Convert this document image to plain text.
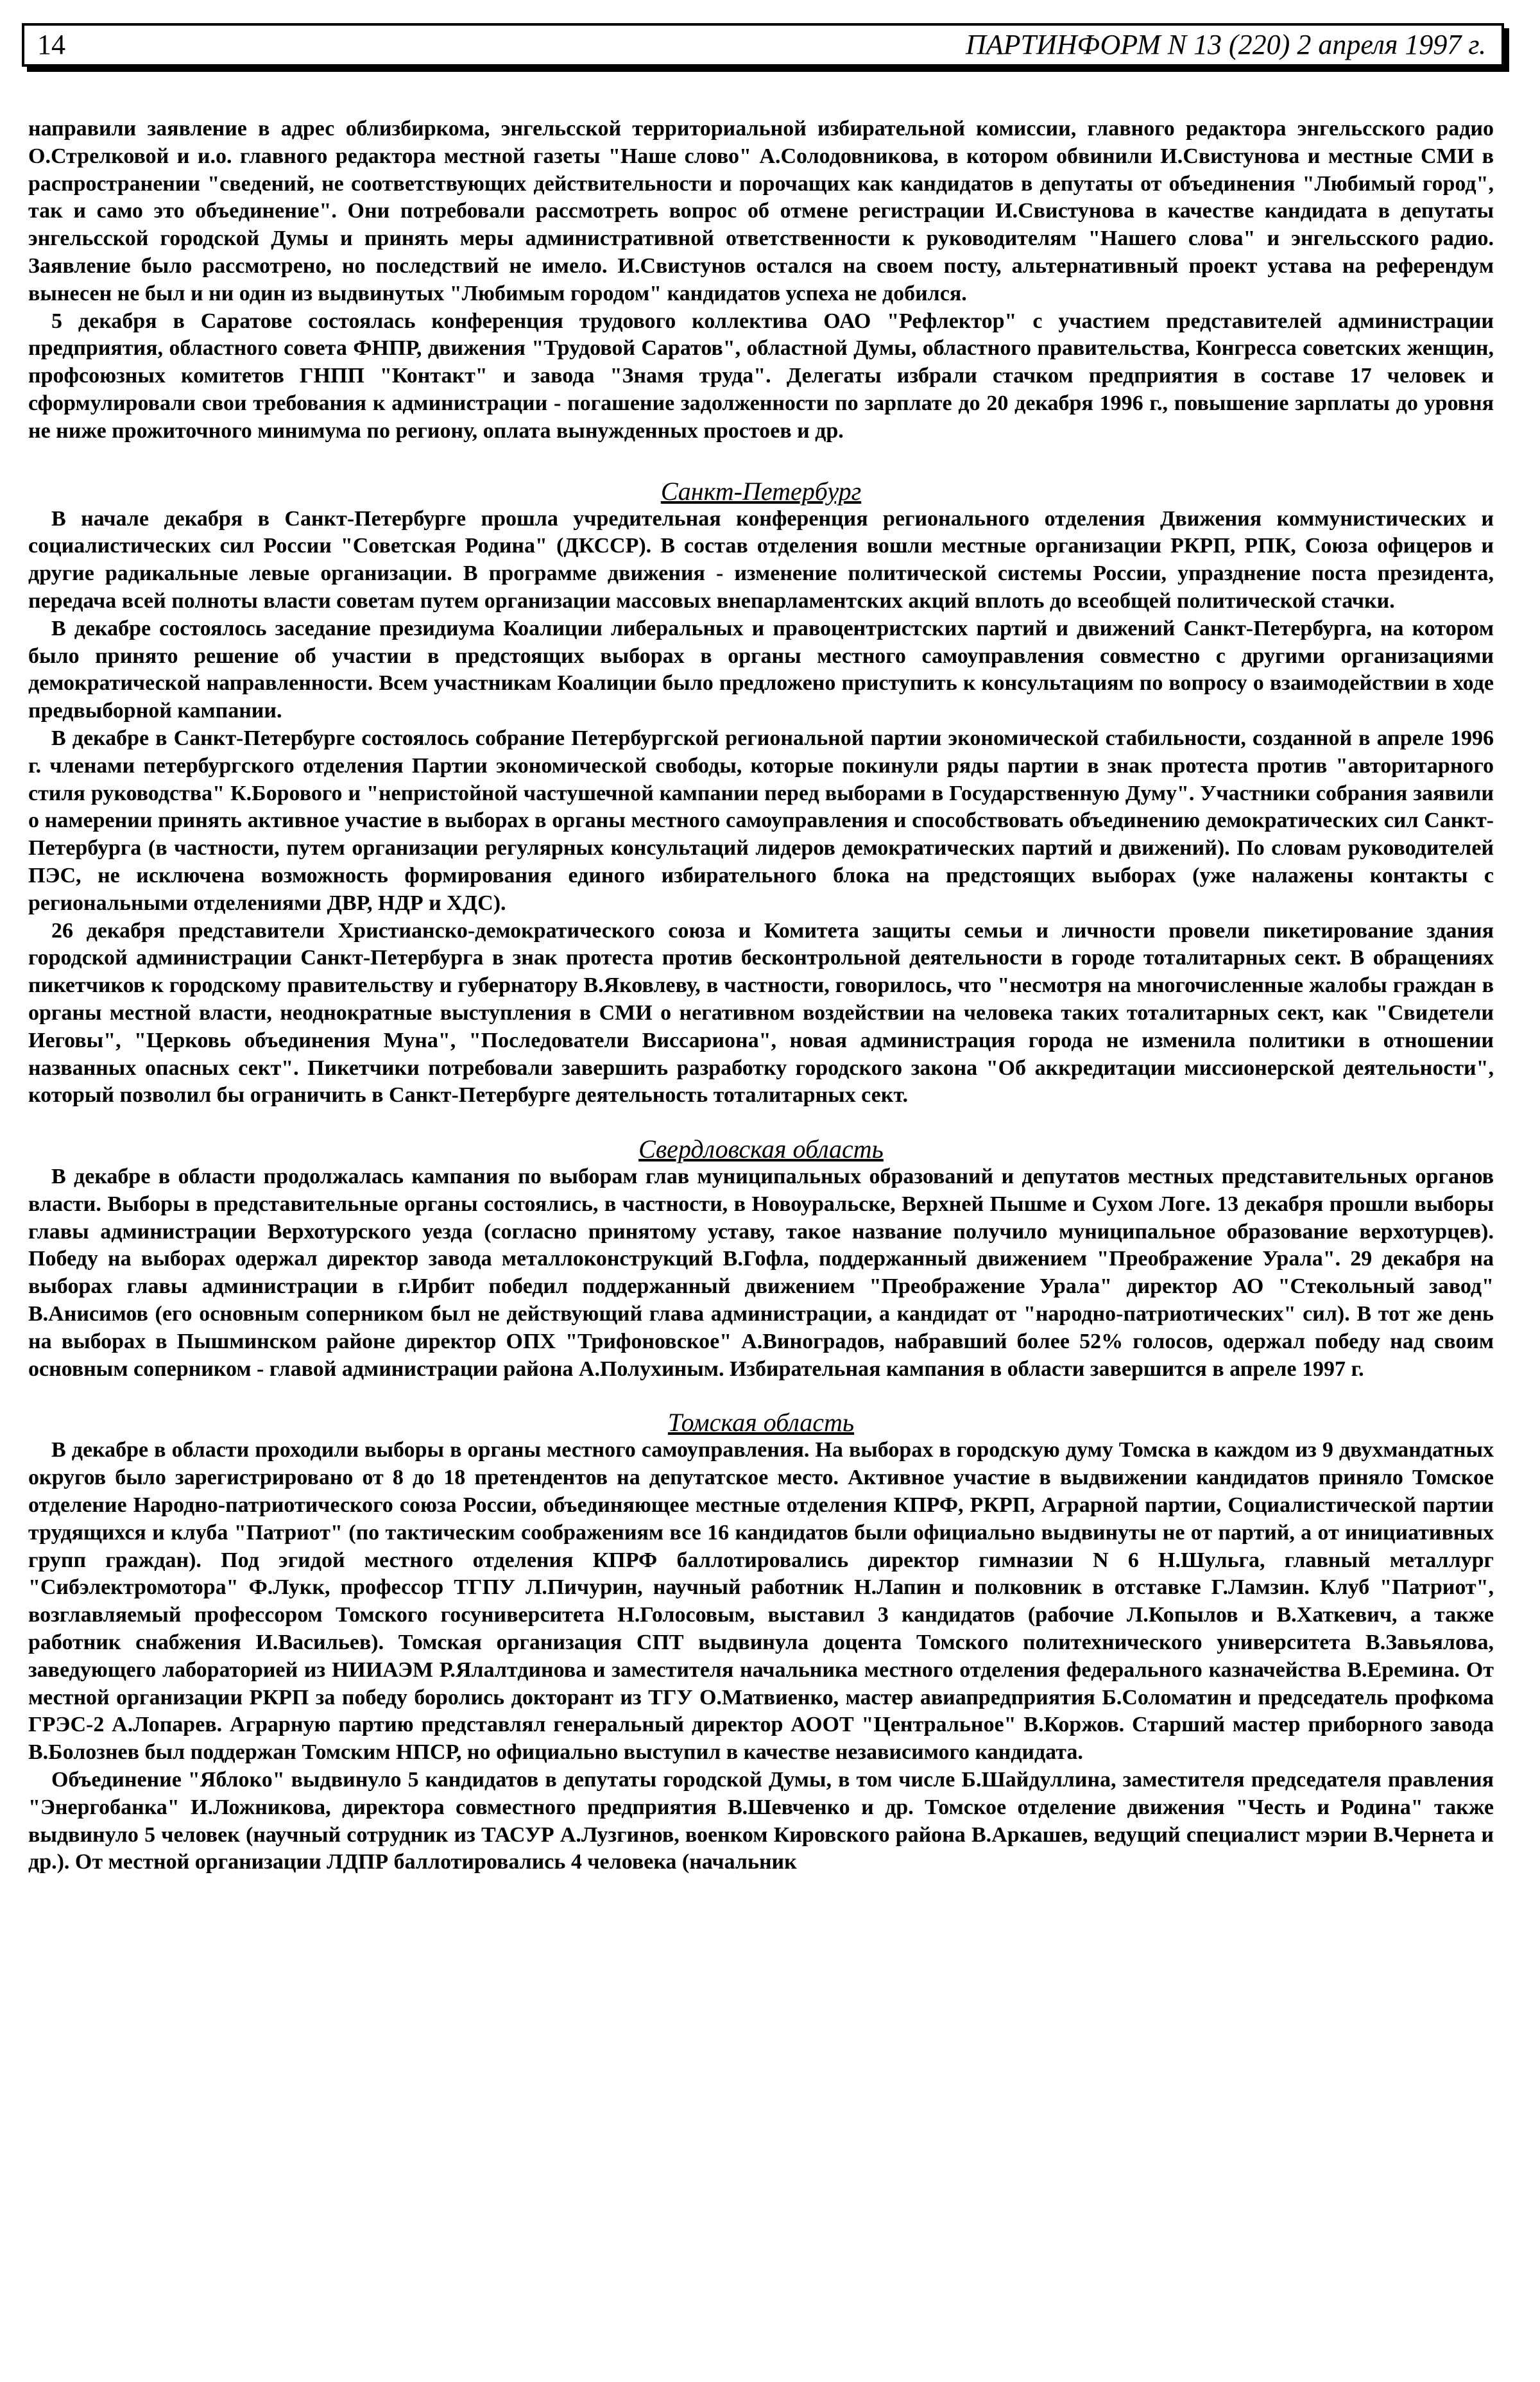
14	ПАРТИНФОРМ N 13 (220) 2 апреля 1997 г.

направили заявление в адрес облизбиркома, энгельсской территориальной избирательной комиссии, главного редактора энгельсского радио О.Стрелковой и и.о. главного редактора местной газеты "Наше слово" А.Солодовникова, в котором обвинили И.Свистунова и местные СМИ в распространении "сведений, не соответствующих действительности и порочащих как кандидатов в депутаты от объединения "Любимый город", так и само это объединение". Они потребовали рассмотреть вопрос об отмене регистрации И.Свистунова в качестве кандидата в депутаты энгельсской городской Думы и принять меры административной ответственности к руководителям "Нашего слова" и энгельсского радио. Заявление было рассмотрено, но последствий не имело. И.Свистунов остался на своем посту, альтернативный проект устава на референдум вынесен не был и ни один из выдвинутых "Любимым городом" кандидатов успеха не добился.

5 декабря в Саратове состоялась конференция трудового коллектива ОАО "Рефлектор" с участием представителей администрации предприятия, областного совета ФНПР, движения "Трудовой Саратов", областной Думы, областного правительства, Конгресса советских женщин, профсоюзных комитетов ГНПП "Контакт" и завода "Знамя труда". Делегаты избрали стачком предприятия в составе 17 человек и сформулировали свои требования к администрации - погашение задолженности по зарплате до 20 декабря 1996 г., повышение зарплаты до уровня не ниже прожиточного минимума по региону, оплата вынужденных простоев и др.

Санкт-Петербург

В начале декабря в Санкт-Петербурге прошла учредительная конференция регионального отделения Движения коммунистических и социалистических сил России "Советская Родина" (ДКССР). В состав отделения вошли местные организации РКРП, РПК, Союза офицеров и другие радикальные левые организации. В программе движения - изменение политической системы России, упразднение поста президента, передача всей полноты власти советам путем организации массовых внепарламентских акций вплоть до всеобщей политической стачки.

В декабре состоялось заседание президиума Коалиции либеральных и правоцентристских партий и движений Санкт-Петербурга, на котором было принято решение об участии в предстоящих выборах в органы местного самоуправления совместно с другими организациями демократической направленности. Всем участникам Коалиции было предложено приступить к консультациям по вопросу о взаимодействии в ходе предвыборной кампании.

В декабре в Санкт-Петербурге состоялось собрание Петербургской региональной партии экономической стабильности, созданной в апреле 1996 г. членами петербургского отделения Партии экономической свободы, которые покинули ряды партии в знак протеста против "авторитарного стиля руководства" К.Борового и "непристойной частушечной кампании перед выборами в Государственную Думу". Участники собрания заявили о намерении принять активное участие в выборах в органы местного самоуправления и способствовать объединению демократических сил Санкт-Петербурга (в частности, путем организации регулярных консультаций лидеров демократических партий и движений). По словам руководителей ПЭС, не исключена возможность формирования единого избирательного блока на предстоящих выборах (уже налажены контакты с региональными отделениями ДВР, НДР и ХДС).

26 декабря представители Христианско-демократического союза и Комитета защиты семьи и личности провели пикетирование здания городской администрации Санкт-Петербурга в знак протеста против бесконтрольной деятельности в городе тоталитарных сект. В обращениях пикетчиков к городскому правительству и губернатору В.Яковлеву, в частности, говорилось, что "несмотря на многочисленные жалобы граждан в органы местной власти, неоднократные выступления в СМИ о негативном воздействии на человека таких тоталитарных сект, как "Свидетели Иеговы", "Церковь объединения Муна", "Последователи Виссариона", новая администрация города не изменила политики в отношении названных опасных сект". Пикетчики потребовали завершить разработку городского закона "Об аккредитации миссионерской деятельности", который позволил бы ограничить в Санкт-Петербурге деятельность тоталитарных сект.

Свердловская область

В декабре в области продолжалась кампания по выборам глав муниципальных образований и депутатов местных представительных органов власти. Выборы в представительные органы состоялись, в частности, в Новоуральске, Верхней Пышме и Сухом Логе. 13 декабря прошли выборы главы администрации Верхотурского уезда (согласно принятому уставу, такое название получило муниципальное образование верхотурцев). Победу на выборах одержал директор завода металлоконструкций В.Гофла, поддержанный движением "Преображение Урала". 29 декабря на выборах главы администрации в г.Ирбит победил поддержанный движением "Преображение Урала" директор АО "Стекольный завод" В.Анисимов (его основным соперником был не действующий глава администрации, а кандидат от "народно-патриотических" сил). В тот же день на выборах в Пышминском районе директор ОПХ "Трифоновское" А.Виноградов, набравший более 52% голосов, одержал победу над своим основным соперником - главой администрации района А.Полухиным. Избирательная кампания в области завершится в апреле 1997 г.

Томская область

В декабре в области проходили выборы в органы местного самоуправления. На выборах в городскую думу Томска в каждом из 9 двухмандатных округов было зарегистрировано от 8 до 18 претендентов на депутатское место. Активное участие в выдвижении кандидатов приняло Томское отделение Народно-патриотического союза России, объединяющее местные отделения КПРФ, РКРП, Аграрной партии, Социалистической партии трудящихся и клуба "Патриот" (по тактическим соображениям все 16 кандидатов были официально выдвинуты не от партий, а от инициативных групп граждан). Под эгидой местного отделения КПРФ баллотировались директор гимназии N 6 Н.Шульга, главный металлург "Сибэлектромотора" Ф.Лукк, профессор ТГПУ Л.Пичурин, научный работник Н.Лапин и полковник в отставке Г.Ламзин. Клуб "Патриот", возглавляемый профессором Томского госуниверситета Н.Голосовым, выставил 3 кандидатов (рабочие Л.Копылов и В.Хаткевич, а также работник снабжения И.Васильев). Томская организация СПТ выдвинула доцента Томского политехнического университета В.Завьялова, заведующего лабораторией из НИИАЭМ Р.Ялалтдинова и заместителя начальника местного отделения федерального казначейства В.Еремина. От местной организации РКРП за победу боролись докторант из ТГУ О.Матвиенко, мастер авиапредприятия Б.Соломатин и председатель профкома ГРЭС-2 А.Лопарев. Аграрную партию представлял генеральный директор АООТ "Центральное" В.Коржов. Старший мастер приборного завода В.Болознев был поддержан Томским НПСР, но официально выступил в качестве независимого кандидата.

Объединение "Яблоко" выдвинуло 5 кандидатов в депутаты городской Думы, в том числе Б.Шайдуллина, заместителя председателя правления "Энергобанка" И.Ложникова, директора совместного предприятия В.Шевченко и др. Томское отделение движения "Честь и Родина" также выдвинуло 5 человек (научный сотрудник из ТАСУР А.Лузгинов, военком Кировского района В.Аркашев, ведущий специалист мэрии В.Чернета и др.). От местной организации ЛДПР баллотировались 4 человека (начальник
